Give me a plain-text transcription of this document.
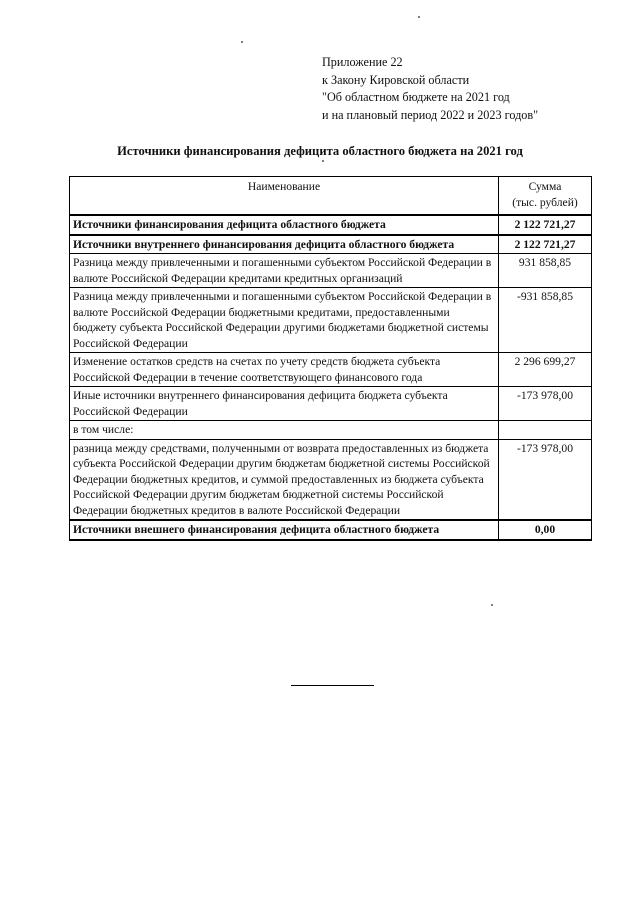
Приложение 22
к Закону Кировской области
"Об областном бюджете на 2021 год
и на плановый период 2022 и 2023 годов"
Источники финансирования дефицита областного бюджета на 2021 год
Наименование	Сумма
(тыс. рублей)

Источники финансирования дефицита областного бюджета	2 122 721,27
Источники внутреннего финансирования дефицита областного бюджета	2 122 721,27
Разница между привлеченными и погашенными субъектом Российской Федерации в валюте Российской Федерации кредитами кредитных организаций	931 858,85
Разница между привлеченными и погашенными субъектом Российской Федерации в валюте Российской Федерации бюджетными кредитами, предоставленными бюджету субъекта Российской Федерации другими бюджетами бюджетной системы Российской Федерации	-931 858,85
Изменение остатков средств на счетах по учету средств бюджета субъекта Российской Федерации в течение соответствующего финансового года	2 296 699,27
Иные источники внутреннего финансирования дефицита бюджета субъекта Российской Федерации	-173 978,00
в том числе:	
разница между средствами, полученными от возврата предоставленных из бюджета субъекта Российской Федерации другим бюджетам бюджетной системы Российской Федерации бюджетных кредитов, и суммой предоставленных из бюджета субъекта Российской Федерации другим бюджетам бюджетной системы Российской Федерации бюджетных кредитов в валюте Российской Федерации	-173 978,00
Источники внешнего финансирования дефицита областного бюджета	0,00
